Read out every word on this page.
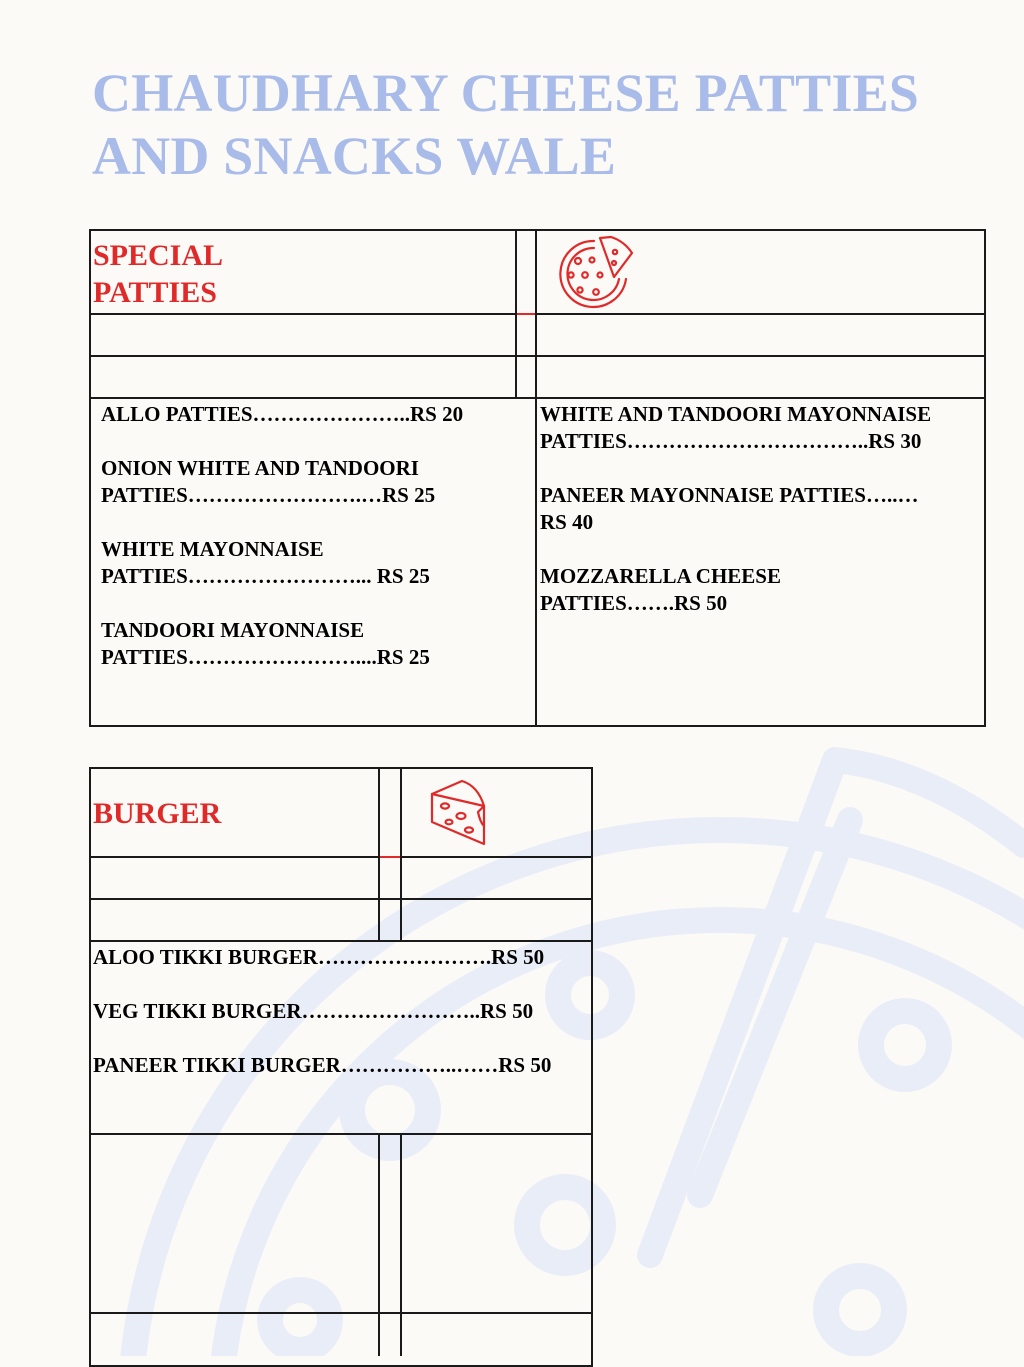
CHAUDHARY CHEESE PATTIES
AND SNACKS WALE
SPECIAL
PATTIES
ALLO PATTIES…………………..RS 20
ONION WHITE AND TANDOORI
PATTIES…………………….…RS 25
WHITE MAYONNAISE
PATTIES……………………... RS 25
TANDOORI MAYONNAISE
PATTIES……………………....RS 25
WHITE AND TANDOORI MAYONNAISE
PATTIES……………………………..RS 30
PANEER MAYONNAISE PATTIES…..…
RS 40
MOZZARELLA CHEESE
PATTIES…….RS 50
BURGER
ALOO TIKKI BURGER…………………….RS 50
VEG TIKKI BURGER……………………..RS 50
PANEER TIKKI BURGER……………..……RS 50
